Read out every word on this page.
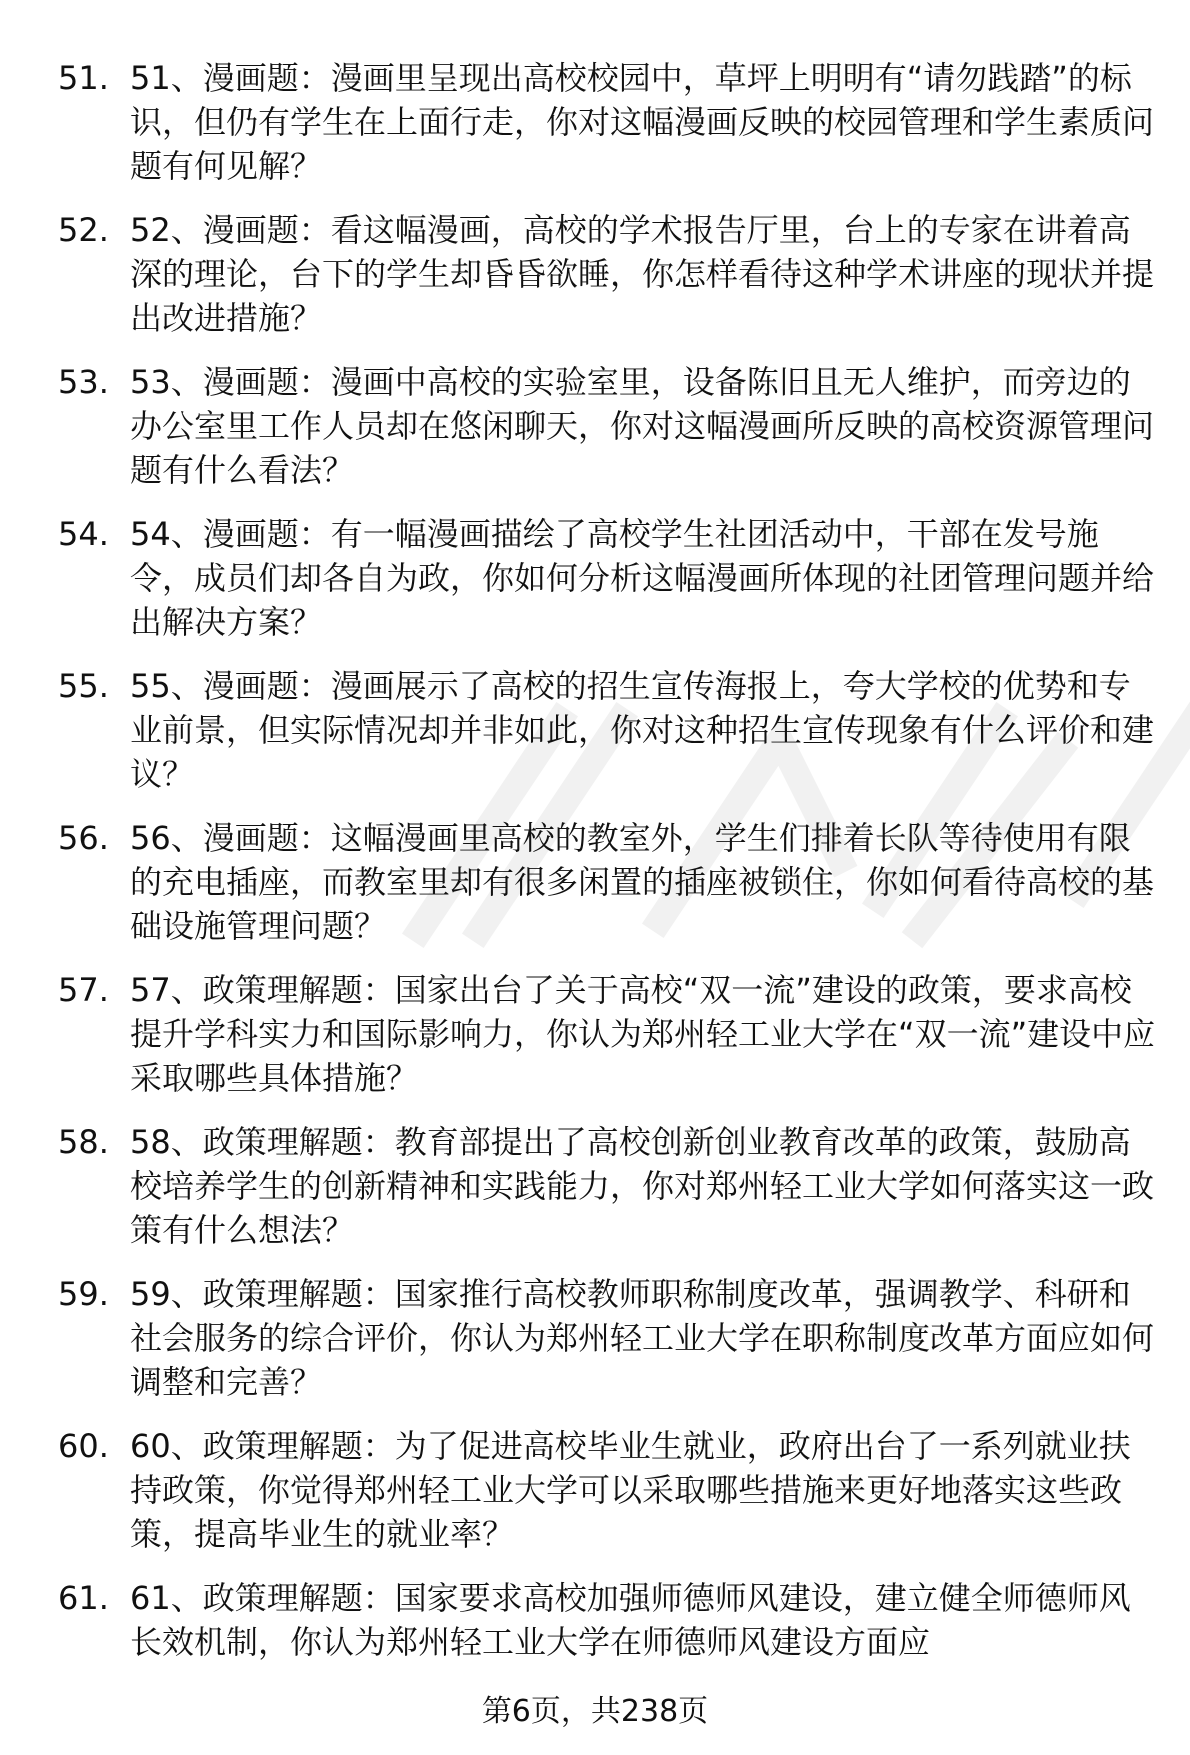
51. 51、漫画题：漫画里呈现出高校校园中，草坪上明明有“请勿践踏”的标识，但仍有学生在上面行走，你对这幅漫画反映的校园管理和学生素质问题有何见解？
52. 52、漫画题：看这幅漫画，高校的学术报告厅里，台上的专家在讲着高深的理论，台下的学生却昏昏欲睡，你怎样看待这种学术讲座的现状并提出改进措施？
53. 53、漫画题：漫画中高校的实验室里，设备陈旧且无人维护，而旁边的办公室里工作人员却在悠闲聊天，你对这幅漫画所反映的高校资源管理问题有什么看法？
54. 54、漫画题：有一幅漫画描绘了高校学生社团活动中，干部在发号施令，成员们却各自为政，你如何分析这幅漫画所体现的社团管理问题并给出解决方案？
55. 55、漫画题：漫画展示了高校的招生宣传海报上，夸大学校的优势和专业前景，但实际情况却并非如此，你对这种招生宣传现象有什么评价和建议？
56. 56、漫画题：这幅漫画里高校的教室外，学生们排着长队等待使用有限的充电插座，而教室里却有很多闲置的插座被锁住，你如何看待高校的基础设施管理问题？
57. 57、政策理解题：国家出台了关于高校“双一流”建设的政策，要求高校提升学科实力和国际影响力，你认为郑州轻工业大学在“双一流”建设中应采取哪些具体措施？
58. 58、政策理解题：教育部提出了高校创新创业教育改革的政策，鼓励高校培养学生的创新精神和实践能力，你对郑州轻工业大学如何落实这一政策有什么想法？
59. 59、政策理解题：国家推行高校教师职称制度改革，强调教学、科研和社会服务的综合评价，你认为郑州轻工业大学在职称制度改革方面应如何调整和完善？
60. 60、政策理解题：为了促进高校毕业生就业，政府出台了一系列就业扶持政策，你觉得郑州轻工业大学可以采取哪些措施来更好地落实这些政策，提高毕业生的就业率？
61. 61、政策理解题：国家要求高校加强师德师风建设，建立健全师德师风长效机制，你认为郑州轻工业大学在师德师风建设方面应
第6页，共238页
